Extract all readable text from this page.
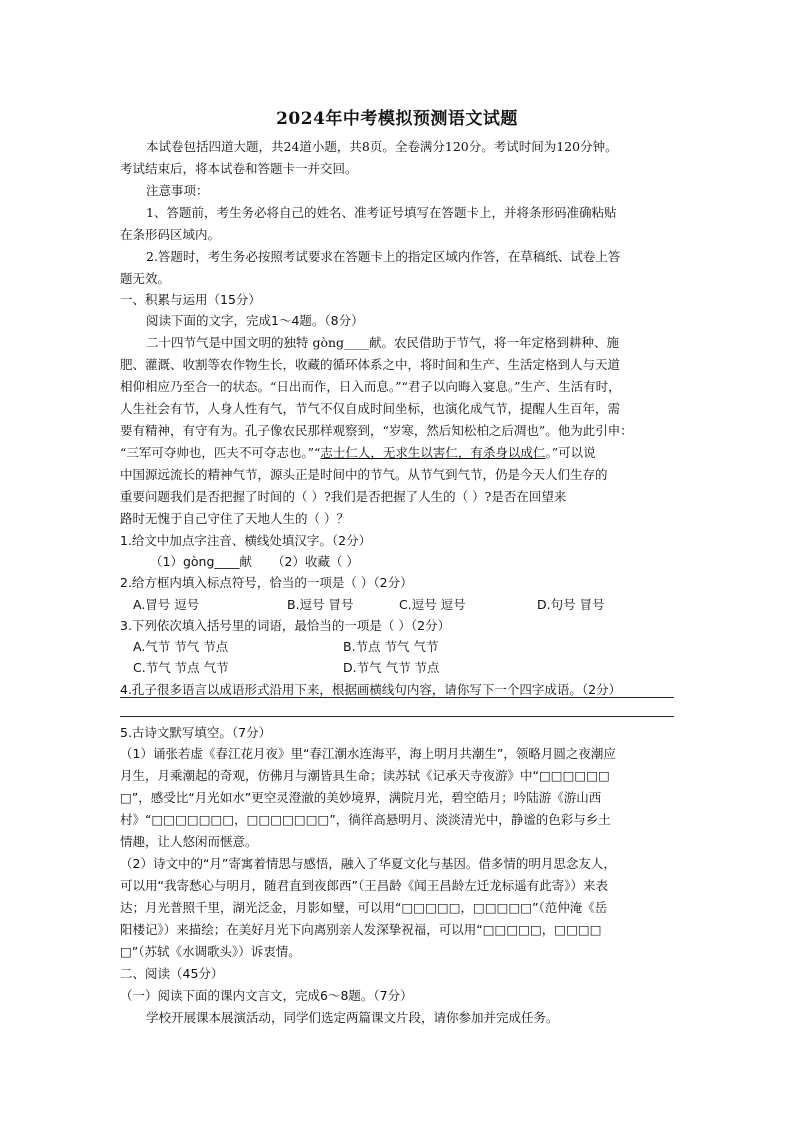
2024年中考模拟预测语文试题
本试卷包括四道大题，共24道小题，共8页。全卷满分120分。考试时间为120分钟。
考试结束后，将本试卷和答题卡一并交回。
注意事项：
1、答题前，考生务必将自己的姓名、准考证号填写在答题卡上，并将条形码准确粘贴
在条形码区域内。
2.答题时，考生务必按照考试要求在答题卡上的指定区域内作答，在草稿纸、试卷上答
题无效。
一、积累与运用（15分）
阅读下面的文字，完成1～4题。（8分）
二十四节气是中国文明的独特 gòng____献。农民借助于节气，将一年定格到耕种、施
肥、灌溉、收割等农作物生长，收藏的循环体系之中，将时间和生产、生活定格到人与天道
相仰相应乃至合一的状态。“日出而作，日入而息。”“君子以向晦入宴息。”生产、生活有时，
人生社会有节，人身人性有气，节气不仅自成时间坐标，也演化成气节，提醒人生百年，需
要有精神，有守有为。孔子像农民那样观察到，“岁寒，然后知松柏之后凋也”。他为此引申：
“三军可夺帅也，匹夫不可夺志也。”“志士仁人，无求生以害仁，有杀身以成仁。”可以说
中国源远流长的精神气节，源头正是时间中的节气。从节气到气节，仍是今天人们生存的
重要问题我们是否把握了时间的（ ）?我们是否把握了人生的（ ）?是否在回望来
路时无愧于自己守住了天地人生的（ ）？
1.给文中加点字注音、横线处填汉字。（2分）
（1）gòng____献 （2）收藏（ ）
2.给方框内填入标点符号，恰当的一项是（ ）（2分）
A.冒号 逗号	B.逗号 冒号	C.逗号 逗号	D.句号 冒号
3.下列依次填入括号里的词语，最恰当的一项是（ ）（2分）
A.气节 节气 节点	B.节点 节气 气节
C.节气 节点 气节	D.节气 气节 节点
4.孔子很多语言以成语形式沿用下来，根据画横线句内容，请你写下一个四字成语。（2分）
5.古诗文默写填空。（7分）
（1）诵张若虚《春江花月夜》里“春江潮水连海平，海上明月共潮生”，领略月圆之夜潮应
月生，月乘潮起的奇观，仿佛月与潮皆具生命；读苏轼《记承天寺夜游》中“□□□□□□
□”，感受比“月光如水”更空灵澄澈的美妙境界，满院月光，碧空皓月；吟陆游《游山西
村》“□□□□□□□，□□□□□□□”，徜徉高悬明月、淡淡清光中，静谧的色彩与乡土
情趣，让人悠闲而惬意。
（2）诗文中的“月”寄寓着情思与感悟，融入了华夏文化与基因。借多情的明月思念友人，
可以用“我寄愁心与明月，随君直到夜郎西”（王昌龄《闻王昌龄左迁龙标遥有此寄》）来表
达；月光普照千里，湖光泛金，月影如璧，可以用“□□□□□，□□□□□”（范仲淹《岳
阳楼记》）来描绘；在美好月光下向离别亲人发深挚祝福，可以用“□□□□□，□□□□
□”（苏轼《水调歌头》）诉衷情。
二、阅读（45分）
（一）阅读下面的课内文言文，完成6～8题。（7分）
学校开展课本展演活动，同学们选定两篇课文片段，请你参加并完成任务。
